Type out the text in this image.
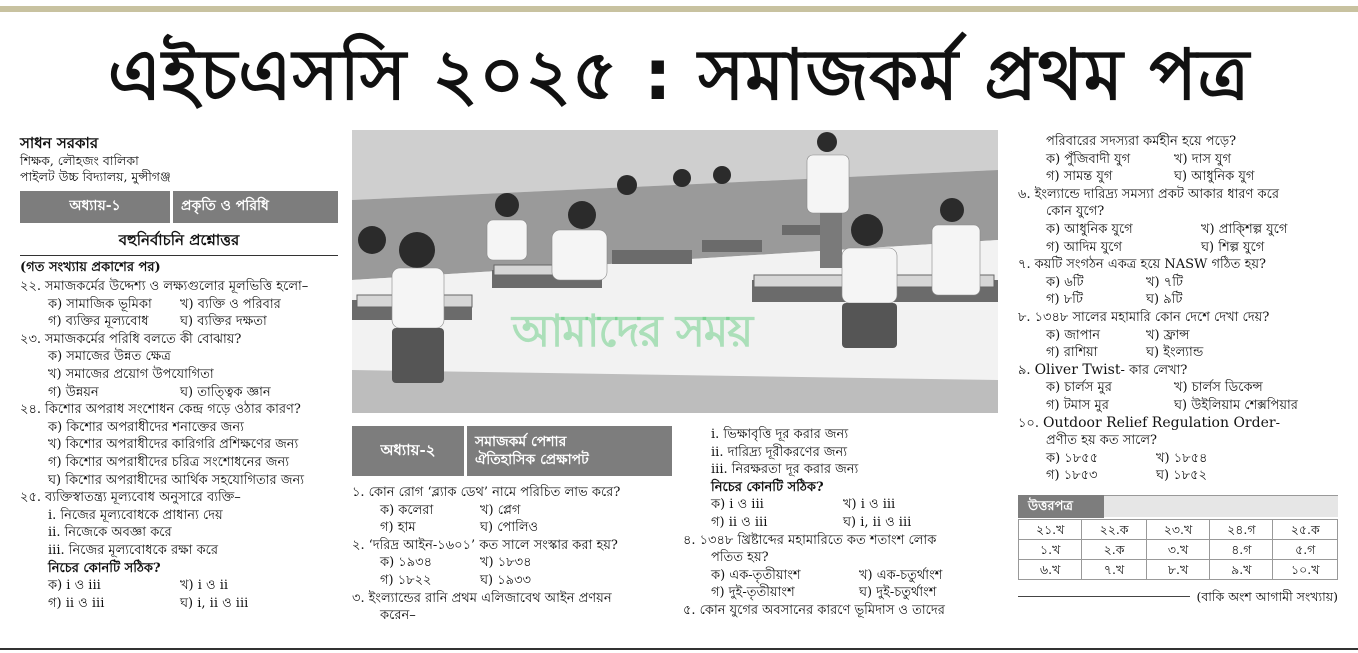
এইচএসসি ২০২৫ : সমাজকর্ম প্রথম পত্র
সাধন সরকার
শিক্ষক, লৌহজং বালিকা
পাইলট উচ্চ বিদ্যালয়, মুন্সীগঞ্জ
অধ্যায়-১	প্রকৃতি ও পরিধি
বহুনির্বাচনি প্রশ্নোত্তর
(গত সংখ্যায় প্রকাশের পর)
২২. সমাজকর্মের উদ্দেশ্য ও লক্ষ্যগুলোর মূলভিত্তি হলো–
ক) সামাজিক ভূমিকা	খ) ব্যক্তি ও পরিবার
গ) ব্যক্তির মূল্যবোধ	ঘ) ব্যক্তির দক্ষতা
২৩. সমাজকর্মের পরিধি বলতে কী বোঝায়?
ক) সমাজের উন্নত ক্ষেত্র
খ) সমাজের প্রয়োগ উপযোগিতা
গ) উন্নয়ন	ঘ) তাত্ত্বিক জ্ঞান
২৪. কিশোর অপরাধ সংশোধন কেন্দ্র গড়ে ওঠার কারণ?
ক) কিশোর অপরাধীদের শনাক্তের জন্য
খ) কিশোর অপরাধীদের কারিগরি প্রশিক্ষণের জন্য
গ) কিশোর অপরাধীদের চরিত্র সংশোধনের জন্য
ঘ) কিশোর অপরাধীদের আর্থিক সহযোগিতার জন্য
২৫. ব্যক্তিস্বাতন্ত্র্য মূল্যবোধ অনুসারে ব্যক্তি–
i. নিজের মূল্যবোধকে প্রাধান্য দেয়
ii. নিজেকে অবজ্ঞা করে
iii. নিজের মূল্যবোধকে রক্ষা করে
নিচের কোনটি সঠিক?
ক) i ও iii	খ) i ও ii
গ) ii ও iii	ঘ) i, ii ও iii
আমাদের সময়
অধ্যায়-২	সমাজকর্ম পেশার
ঐতিহাসিক প্রেক্ষাপট
১. কোন রোগ ‘ব্ল্যাক ডেথ’ নামে পরিচিত লাভ করে?
ক) কলেরা	খ) প্লেগ
গ) হাম	ঘ) পোলিও
২. ‘দরিদ্র আইন-১৬০১’ কত সালে সংস্কার করা হয়?
ক) ১৯৩৪	খ) ১৮৩৪
গ) ১৮২২	ঘ) ১৯৩৩
৩. ইংল্যান্ডের রানি প্রথম এলিজাবেথ আইন প্রণয়ন
করেন–
i. ভিক্ষাবৃত্তি দূর করার জন্য
ii. দারিদ্র্য দূরীকরণের জন্য
iii. নিরক্ষরতা দূর করার জন্য
নিচের কোনটি সঠিক?
ক) i ও iii	খ) i ও iii
গ) ii ও iii	ঘ) i, ii ও iii
৪. ১৩৪৮ খ্রিষ্টাব্দের মহামারিতে কত শতাংশ লোক
পতিত হয়?
ক) এক-তৃতীয়াংশ	খ) এক-চতুর্থাংশ
গ) দুই-তৃতীয়াংশ	ঘ) দুই-চতুর্থাংশ
৫. কোন যুগের অবসানের কারণে ভূমিদাস ও তাদের
পরিবারের সদস্যরা কর্মহীন হয়ে পড়ে?
ক) পুঁজিবাদী যুগ	খ) দাস যুগ
গ) সামন্ত যুগ	ঘ) আধুনিক যুগ
৬. ইংল্যান্ডে দারিদ্র্য সমস্যা প্রকট আকার ধারণ করে
কোন যুগে?
ক) আধুনিক যুগে	খ) প্রাক্শিল্প যুগে
গ) আদিম যুগে	ঘ) শিল্প যুগে
৭. কয়টি সংগঠন একত্র হয়ে NASW গঠিত হয়?
ক) ৬টি	খ) ৭টি
গ) ৮টি	ঘ) ৯টি
৮. ১৩৪৮ সালের মহামারি কোন দেশে দেখা দেয়?
ক) জাপান	খ) ফ্রান্স
গ) রাশিয়া	ঘ) ইংল্যান্ড
৯. Oliver Twist - কার লেখা?
ক) চার্লস মুর	খ) চার্লস ডিকেন্স
গ) টমাস মুর	ঘ) উইলিয়াম শেক্সপিয়ার
১০. Outdoor Relief Regulation Order -
প্রণীত হয় কত সালে?
ক) ১৮৫৫	খ) ১৮৫৪
গ) ১৮৫৩	ঘ) ১৮৫২
উত্তরপত্র
২১.খ	২২.ক	২৩.খ	২৪.গ	২৫.ক
১.খ	২.ক	৩.খ	৪.গ	৫.গ
৬.খ	৭.খ	৮.খ	৯.খ	১০.খ
(বাকি অংশ আগামী সংখ্যায়)
